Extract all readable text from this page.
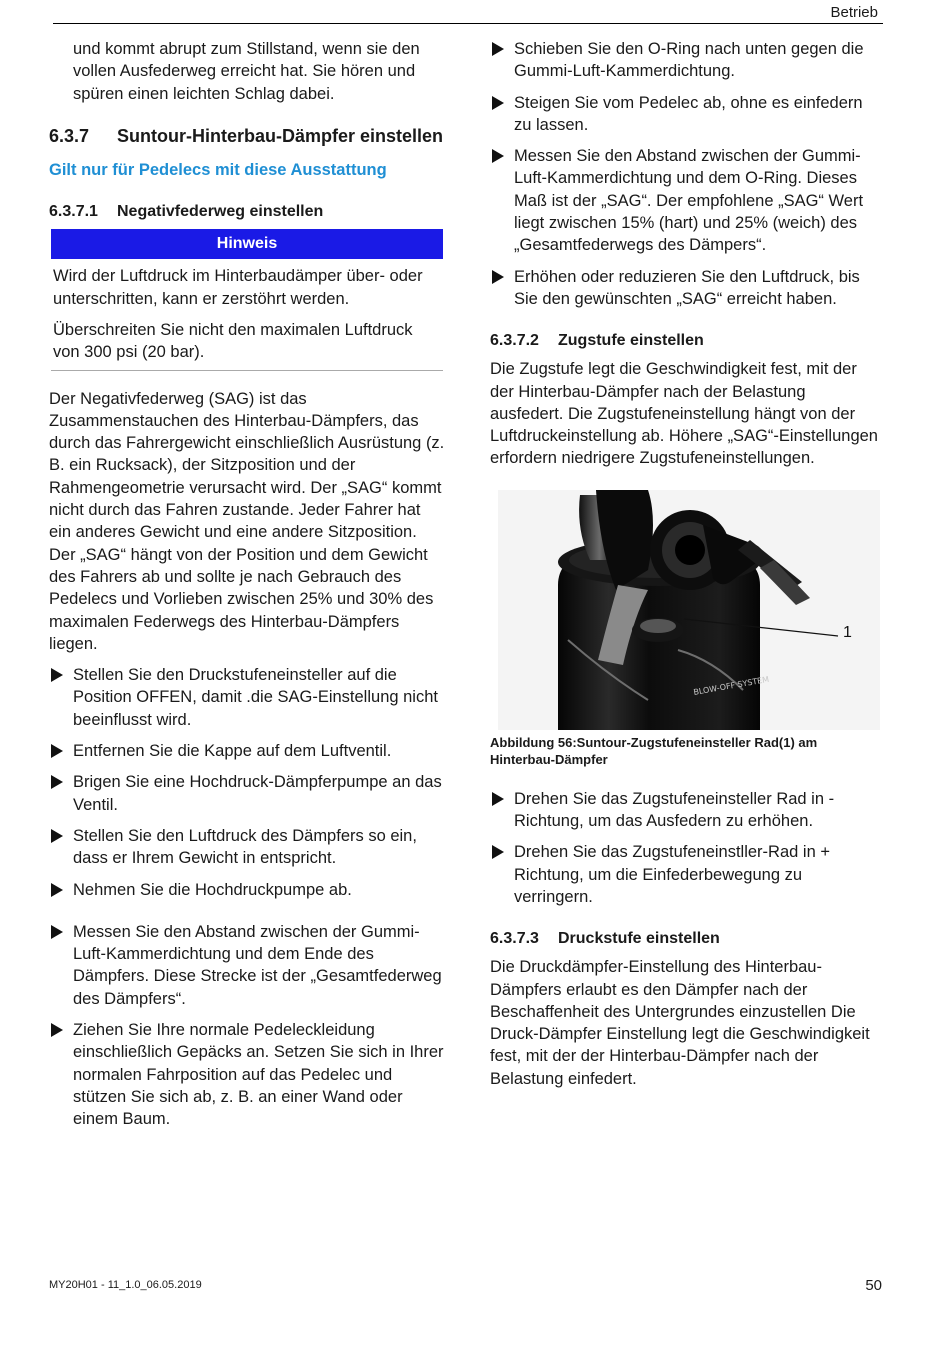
Betrieb

und kommt abrupt zum Stillstand, wenn sie den vollen Ausfederweg erreicht hat. Sie hören und spüren einen leichten Schlag dabei.

6.3.7	Suntour-Hinterbau-Dämpfer einstellen
Gilt nur für Pedelecs mit diese Ausstattung
6.3.7.1	Negativfederweg einstellen
Hinweis

Wird der Luftdruck im Hinterbaudämper über- oder unterschritten, kann er zerstöhrt werden.

Überschreiten Sie nicht den maximalen Luftdruck von 300 psi (20 bar).

Der Negativfederweg (SAG) ist das Zusammenstauchen des Hinterbau-Dämpfers, das durch das Fahrergewicht einschließlich Ausrüstung (z. B. ein Rucksack), der Sitzposition und der Rahmengeometrie verursacht wird. Der „SAG“ kommt nicht durch das Fahren zustande. Jeder Fahrer hat ein anderes Gewicht und eine andere Sitzposition. Der „SAG“ hängt von der Position und dem Gewicht des Fahrers ab und sollte je nach Gebrauch des Pedelecs und Vorlieben zwischen 25% und 30% des maximalen Federwegs des Hinterbau-Dämpfers liegen.

Stellen Sie den Druckstufeneinsteller auf die Position OFFEN, damit .die SAG-Einstellung nicht beeinflusst wird.

Entfernen Sie die Kappe auf dem Luftventil.

Brigen Sie eine Hochdruck-Dämpferpumpe an das Ventil.

Stellen Sie den Luftdruck des Dämpfers so ein, dass er Ihrem Gewicht in entspricht.

Nehmen Sie die Hochdruckpumpe ab.

Messen Sie den Abstand zwischen der Gummi-Luft-Kammerdichtung und dem Ende des Dämpfers. Diese Strecke ist der „Gesamtfederweg des Dämpfers“.

Ziehen Sie Ihre normale Pedeleckleidung einschließlich Gepäcks an. Setzen Sie sich in Ihrer normalen Fahrposition auf das Pedelec und stützen Sie sich ab, z. B. an einer Wand oder einem Baum.

Schieben Sie den O-Ring nach unten gegen die Gummi-Luft-Kammerdichtung.

Steigen Sie vom Pedelec ab, ohne es einfedern zu lassen.

Messen Sie den Abstand zwischen der Gummi-Luft-Kammerdichtung und dem O-Ring. Dieses Maß ist der „SAG“. Der empfohlene „SAG“ Wert liegt zwischen 15% (hart) und 25% (weich) des „Gesamtfederwegs des Dämpers“.

Erhöhen oder reduzieren Sie den Luftdruck, bis Sie den gewünschten „SAG“ erreicht haben.

6.3.7.2	Zugstufe einstellen

Die Zugstufe legt die Geschwindigkeit fest, mit der der Hinterbau-Dämpfer nach der Belastung ausfedert. Die Zugstufeneinstellung hängt von der Luftdruckeinstellung ab. Höhere „SAG“-Einstellungen erfordern niedrigere Zugstufeneinstellungen.

BLOW-OFF SYSTEM
1
Abbildung 56:Suntour-Zugstufeneinsteller Rad(1) am Hinterbau-Dämpfer

Drehen Sie das Zugstufeneinsteller Rad in - Richtung, um das Ausfedern zu erhöhen.

Drehen Sie das Zugstufeneinstller-Rad in + Richtung, um die Einfederbewegung zu verringern.

6.3.7.3	Druckstufe einstellen

Die Druckdämpfer-Einstellung des Hinterbau-Dämpfers erlaubt es den Dämpfer nach der Beschaffenheit des Untergrundes einzustellen Die Druck-Dämpfer Einstellung legt die Geschwindigkeit fest, mit der der Hinterbau-Dämpfer nach der Belastung einfedert.

MY20H01 - 11_1.0_06.05.2019	50
